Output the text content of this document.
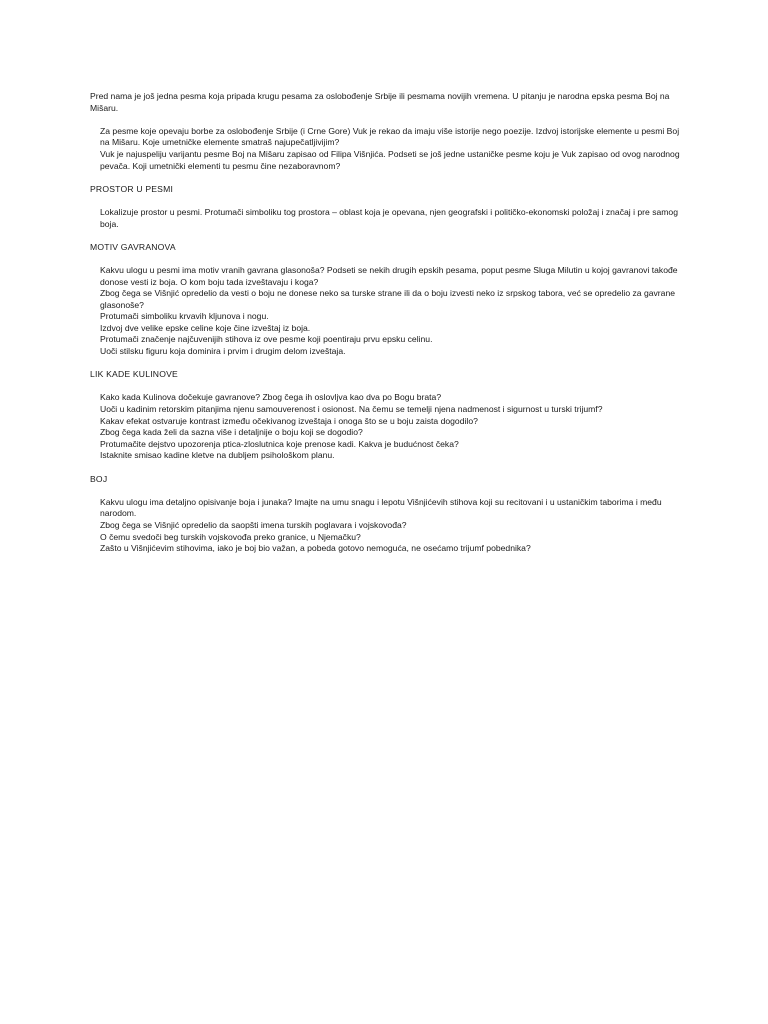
Pred nama je još jedna pesma koja pripada krugu pesama za oslobođenje Srbije ili pesmama novijih vremena. U pitanju je narodna epska pesma Boj na Mišaru.

Za pesme koje opevaju borbe za oslobođenje Srbije (i Crne Gore) Vuk je rekao da imaju više istorije nego poezije. Izdvoj istorijske elemente u pesmi Boj na Mišaru. Koje umetničke elemente smatraš najupečatljivijim?

Vuk je najuspeliju varijantu pesme Boj na Mišaru zapisao od Filipa Višnjića. Podseti se još jedne ustaničke pesme koju je Vuk zapisao od ovog narodnog pevača. Koji umetnički elementi tu pesmu čine nezaboravnom?

PROSTOR U PESMI

Lokalizuje prostor u pesmi. Protumači simboliku tog prostora – oblast koja je opevana, njen geografski i političko-ekonomski položaj i značaj i pre samog boja.

MOTIV GAVRANOVA

Kakvu ulogu u pesmi ima motiv vranih gavrana glasonoša? Podseti se nekih drugih epskih pesama, poput pesme Sluga Milutin u kojoj gavranovi takođe donose vesti iz boja. O kom boju tada izveštavaju i koga?

Zbog čega se Višnjić opredelio da vesti o boju ne donese neko sa turske strane ili da o boju izvesti neko iz srpskog tabora, već se opredelio za gavrane glasonoše?

Protumači simboliku krvavih kljunova i nogu.

Izdvoj dve velike epske celine koje čine izveštaj iz boja.

Protumači značenje najčuvenijih stihova iz ove pesme koji poentiraju prvu epsku celinu.

Uoči stilsku figuru koja dominira i prvim i drugim delom izveštaja.

LIK KADE KULINOVE

Kako kada Kulinova dočekuje gavranove? Zbog čega ih oslovljva kao dva po Bogu brata?

Uoči u kadinim retorskim pitanjima njenu samouverenost i osionost. Na čemu se temelji njena nadmenost i sigurnost u turski trijumf?

Kakav efekat ostvaruje kontrast između očekivanog izveštaja i onoga što se u boju zaista dogodilo?

Zbog čega kada želi da sazna više i detaljnije o boju koji se dogodio?

Protumačite dejstvo upozorenja ptica-zloslutnica koje prenose kadi. Kakva je budućnost čeka?

Istaknite smisao kadine kletve na dubljem psihološkom planu.

BOJ

Kakvu ulogu ima detaljno opisivanje boja i junaka? Imajte na umu snagu i lepotu Višnjićevih stihova koji su recitovani i u ustaničkim taborima i među narodom.

Zbog čega se Višnjić opredelio da saopšti imena turskih poglavara i vojskovođa?

O čemu svedoči beg turskih vojskovođa preko granice, u Njemačku?

Zašto u Višnjićevim stihovima, iako je boj bio važan, a pobeda gotovo nemoguća, ne osećamo trijumf pobednika?
